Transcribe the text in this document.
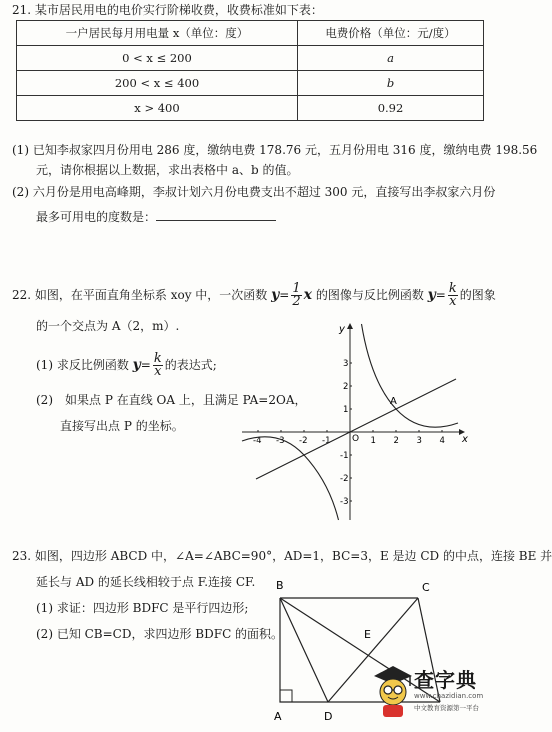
21. 某市居民用电的电价实行阶梯收费，收费标准如下表：
一户居民每月用电量 x（单位：度）	电费价格（单位：元/度）
0 < x ≤ 200	a
200 < x ≤ 400	b
x > 400	0.92
(1) 已知李叔家四月份用电 286 度，缴纳电费 178.76 元，五月份用电 316 度，缴纳电费 198.56
元，请你根据以上数据，求出表格中 a、b 的值。
(2) 六月份是用电高峰期，李叔计划六月份电费支出不超过 300 元，直接写出李叔家六月份
最多可用电的度数是：
22. 如图，在平面直角坐标系 xoy 中，一次函数 $y= \frac{1}{2}$ x 的图像与反比例函数 $y= \frac{k}{x}$ 的图象
的一个交点为 A（2，m）.
(1) 求反比例函数 $y= \frac{k}{x}$ 的表达式;
(2)　如果点 P 在直线 OA 上，且满足 PA=2OA，
直接写出点 P 的坐标。
x
y
O
-4 -3 -2 -1	1 2 3 4
3
2
1
-1
-2
-3
A
23. 如图，四边形 ABCD 中，∠A=∠ABC=90°，AD=1，BC=3，E 是边 CD 的中点，连接 BE 并
延长与 AD 的延长线相较于点 F.连接 CF.
(1) 求证：四边形 BDFC 是平行四边形;
(2) 已知 CB=CD，求四边形 BDFC 的面积。
B	C
E
A	D
查字典
www.chazidian.com
中文教育资源第一平台
